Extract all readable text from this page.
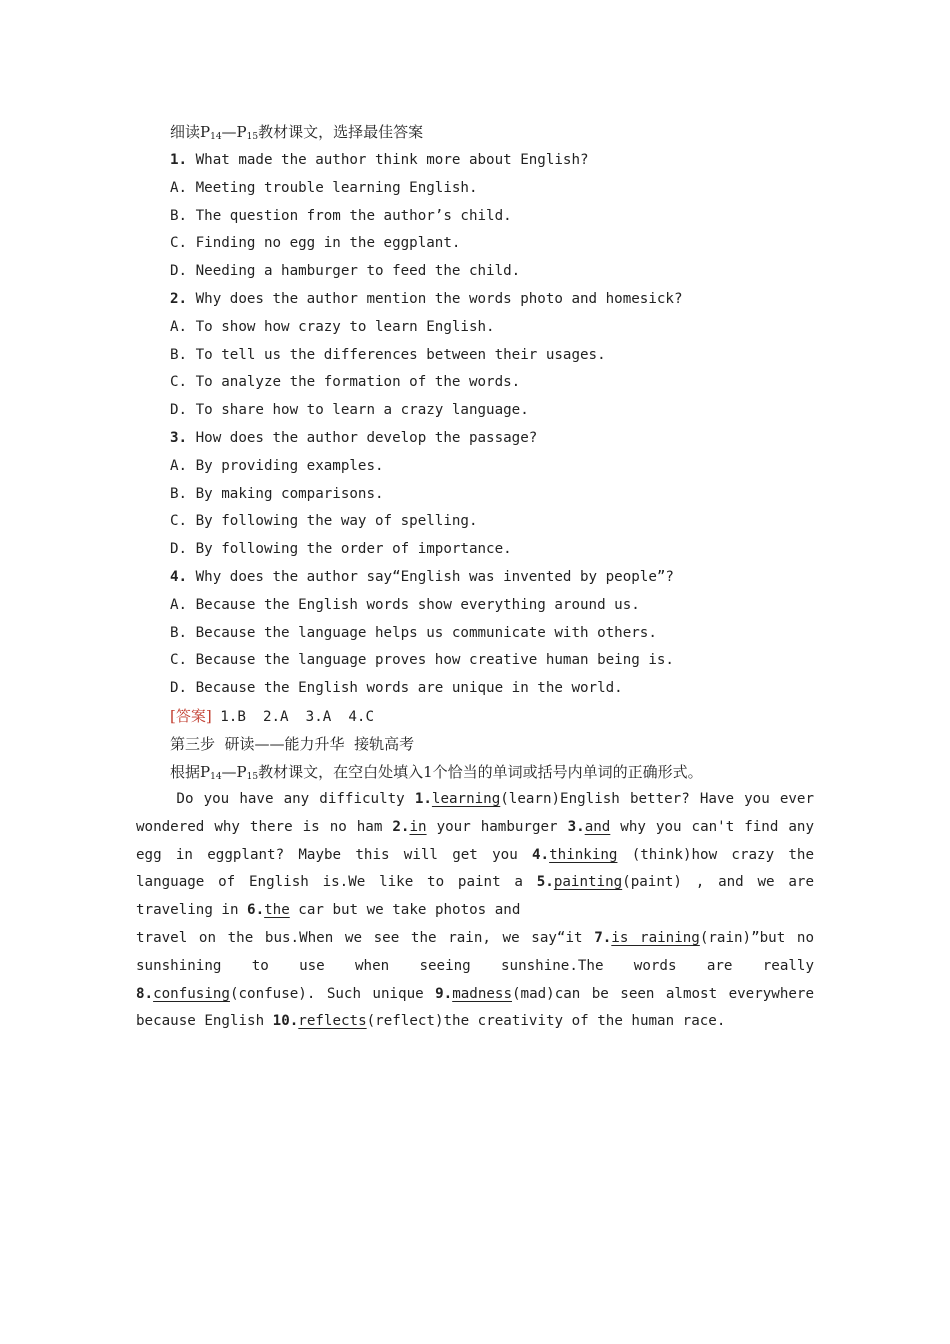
细读$P_{14}—P_{15}$教材课文，选择最佳答案
1. What made the author think more about English?
A. Meeting trouble learning English.
B. The question from the author’s child.
C. Finding no egg in the eggplant.
D. Needing a hamburger to feed the child.
2. Why does the author mention the words photo and homesick?
A. To show how crazy to learn English.
B. To tell us the differences between their usages.
C. To analyze the formation of the words.
D. To share how to learn a crazy language.
3. How does the author develop the passage?
A. By providing examples.
B. By making comparisons.
C. By following the way of spelling.
D. By following the order of importance.
4. Why does the author say“English was invented by people”?
A. Because the English words show everything around us.
B. Because the language helps us communicate with others.
C. Because the language proves how creative human being is.
D. Because the English words are unique in the world.
[答案] 1.B  2.A  3.A  4.C
第三步  研读——能力升华  接轨高考
根据$P_{14}—P_{15}$教材课文，在空白处填入1个恰当的单词或括号内单词的正确形式。
Do you have any difficulty 1.learning(learn)English better? Have you ever
wondered why there is no ham 2.in your hamburger 3.and why you can't find any
egg in eggplant? Maybe this will get you 4.thinking (think)how crazy the
language of English is.We like to paint a 5.painting(paint) , and we are
traveling in 6.the car but we take photos and
travel on the bus.When we see the rain, we say“it 7.is raining(rain)”but no
sunshining to use when seeing sunshine.The words are really
8.confusing(confuse). Such unique 9.madness(mad)can be seen almost everywhere
because English 10.reflects(reflect)the creativity of the human race.
